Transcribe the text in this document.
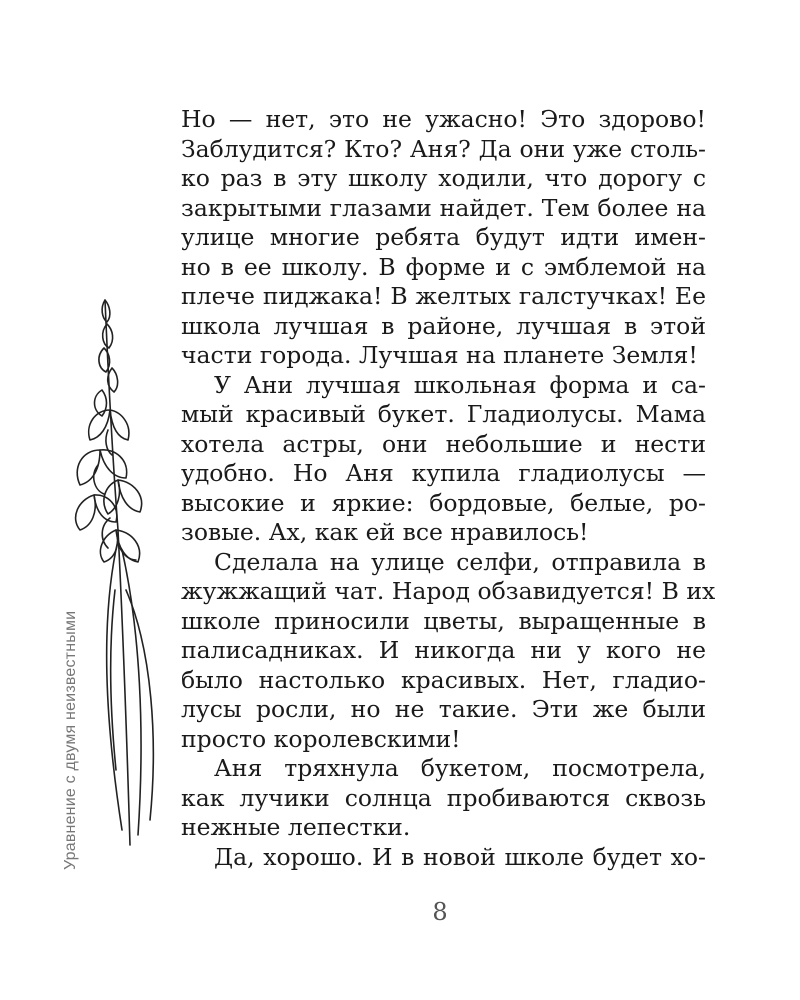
Уравнение с двумя неизвестными
Но — нет, это не ужасно! Это здорово!
Заблудится? Кто? Аня? Да они уже столь-
ко раз в эту школу ходили, что дорогу с
закрытыми глазами найдет. Тем более на
улице многие ребята будут идти имен-
но в ее школу. В форме и с эмблемой на
плече пиджака! В желтых галстучках! Ее
школа лучшая в районе, лучшая в этой
части города. Лучшая на планете Земля!
У Ани лучшая школьная форма и са-
мый красивый букет. Гладиолусы. Мама
хотела астры, они небольшие и нести
удобно. Но Аня купила гладиолусы —
высокие и яркие: бордовые, белые, ро-
зовые. Ах, как ей все нравилось!
Сделала на улице селфи, отправила в
жужжащий чат. Народ обзавидуется! В их
школе приносили цветы, выращенные в
палисадниках. И никогда ни у кого не
было настолько красивых. Нет, гладио-
лусы росли, но не такие. Эти же были
просто королевскими!
Аня тряхнула букетом, посмотрела,
как лучики солнца пробиваются сквозь
нежные лепестки.
Да, хорошо. И в новой школе будет хо-
8
